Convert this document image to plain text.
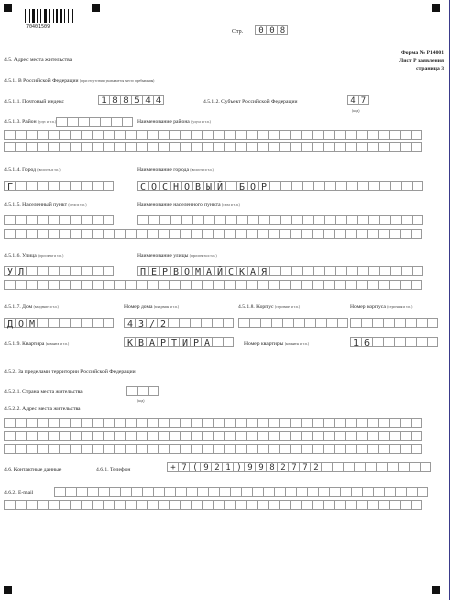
70401509
Стр.	0 0 8
Форма № Р14001
Лист Р заявления
страница 3
4.5. Адрес места жительства
4.5.1. В Российской Федерации (при отсутствии указывается место пребывания)
4.5.1.1. Почтовый индекс	1 8 8 5 4 4	4.5.1.2. Субъект Российской Федерации	4 7
(код)
4.5.1.3. Район (улус и т.п.)	Наименование района (улуса и т.п.)
4.5.1.4. Город (волость и т.п.)	Наименование города (волости и т.п.)
Г	С О С Н О В Ы Й Б О Р
4.5.1.5. Населенный пункт (село и т.п.)	Наименование населенного пункта (села и т.п.)
4.5.1.6. Улица (проспект и т.п.)	Наименование улицы (проспекта и т.п.)
У Л	П Е Р В О М А Й С К А Я
4.5.1.7. Дом (владение и т.п.)	Номер дома (владения и т.п.)	4.5.1.8. Корпус (строение и т.п.)	Номер корпуса (строения и т.п.)
Д О М	4 3 / 2
4.5.1.9. Квартира (комната и т.п.)	К В А Р Т И Р А	Номер квартиры (комнаты и т.п.)	1 6
4.5.2. За пределами территории Российской Федерации
4.5.2.1. Страна места жительства
(код)
4.5.2.2. Адрес места жительства
4.6. Контактные данные	4.6.1. Телефон	+ 7 ( 9 2 1 ) 9 9 8 2 7 7 2
4.6.2. E-mail
